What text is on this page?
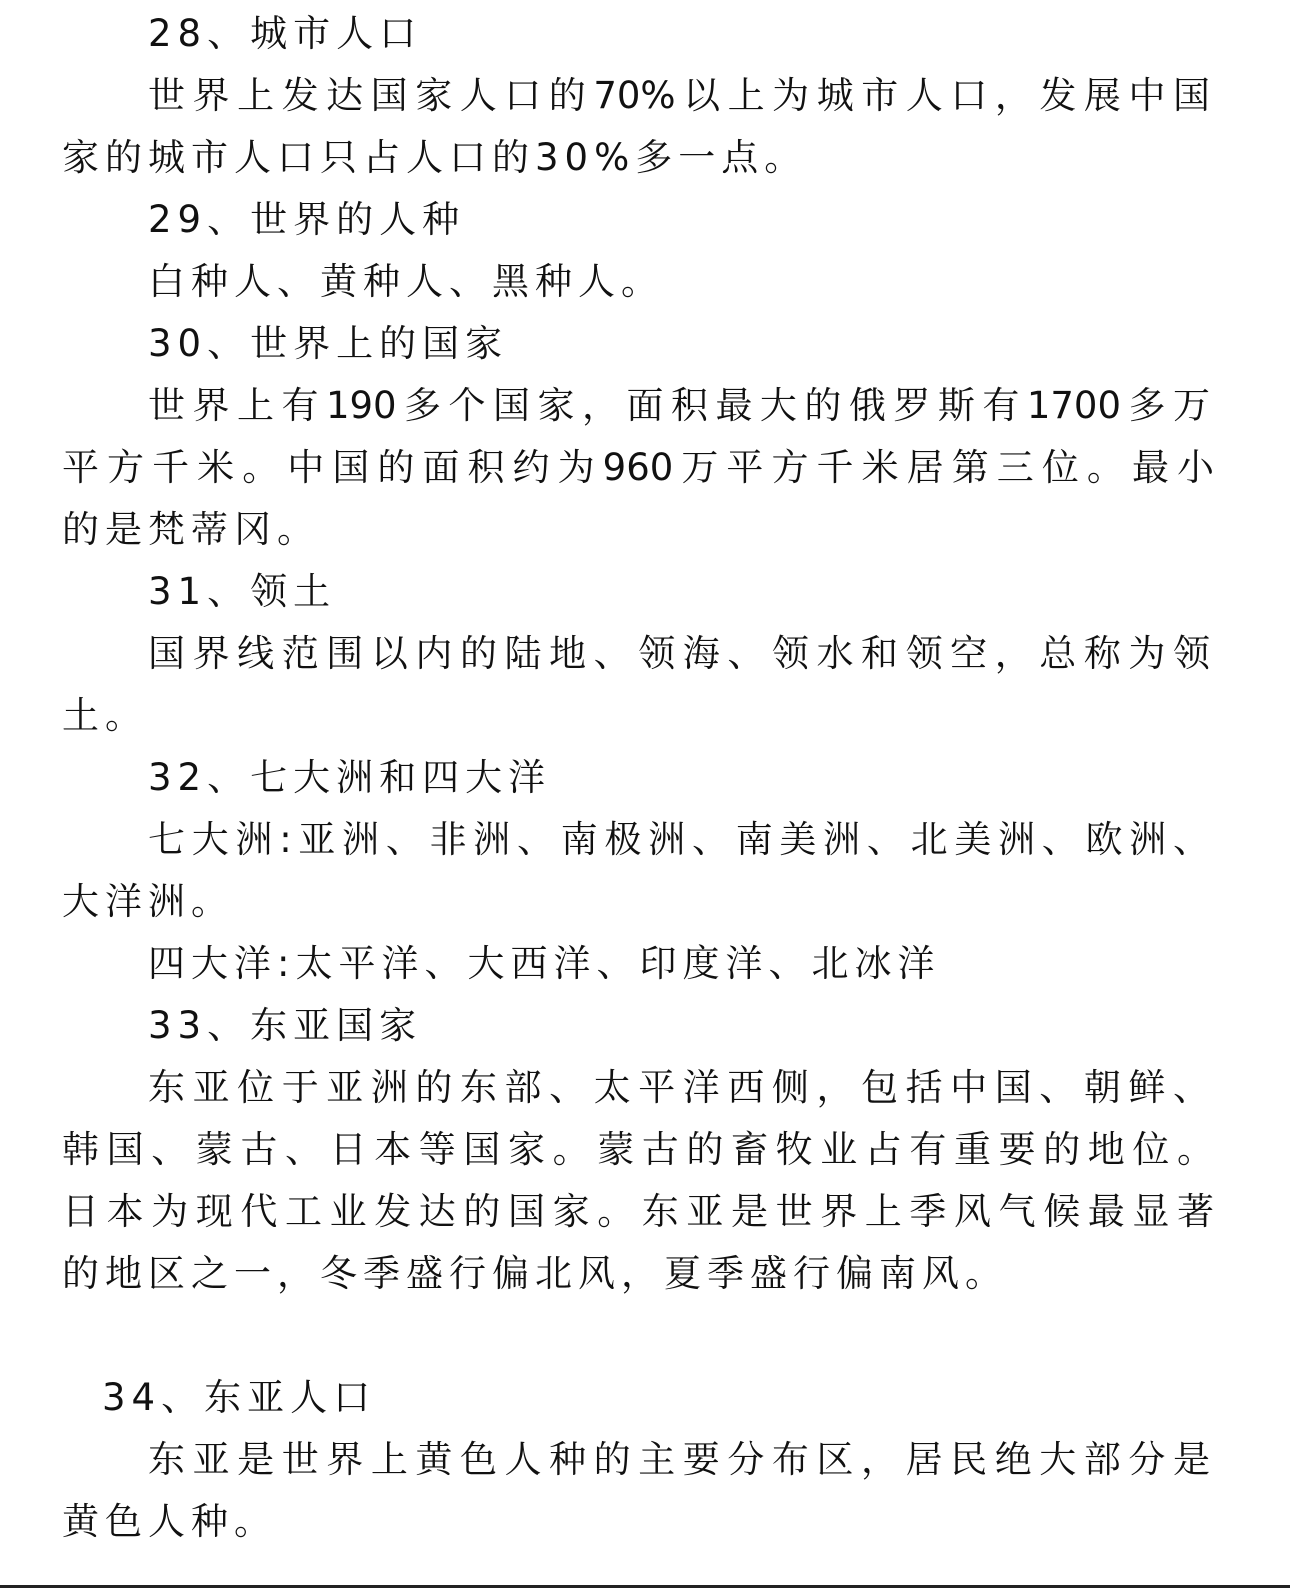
28、城市人口
世界上发达国家人口的70%以上为城市人口，发展中国
家的城市人口只占人口的30%多一点。
29、世界的人种
白种人、黄种人、黑种人。
30、世界上的国家
世界上有190多个国家，面积最大的俄罗斯有1700多万
平方千米。中国的面积约为960万平方千米居第三位。最小
的是梵蒂冈。
31、领土
国界线范围以内的陆地、领海、领水和领空，总称为领
土。
32、七大洲和四大洋
七大洲:亚洲、非洲、南极洲、南美洲、北美洲、欧洲、
大洋洲。
四大洋:太平洋、大西洋、印度洋、北冰洋
33、东亚国家
东亚位于亚洲的东部、太平洋西侧，包括中国、朝鲜、
韩国、蒙古、日本等国家。蒙古的畜牧业占有重要的地位。
日本为现代工业发达的国家。东亚是世界上季风气候最显著
的地区之一，冬季盛行偏北风，夏季盛行偏南风。
34、东亚人口
东亚是世界上黄色人种的主要分布区，居民绝大部分是
黄色人种。
